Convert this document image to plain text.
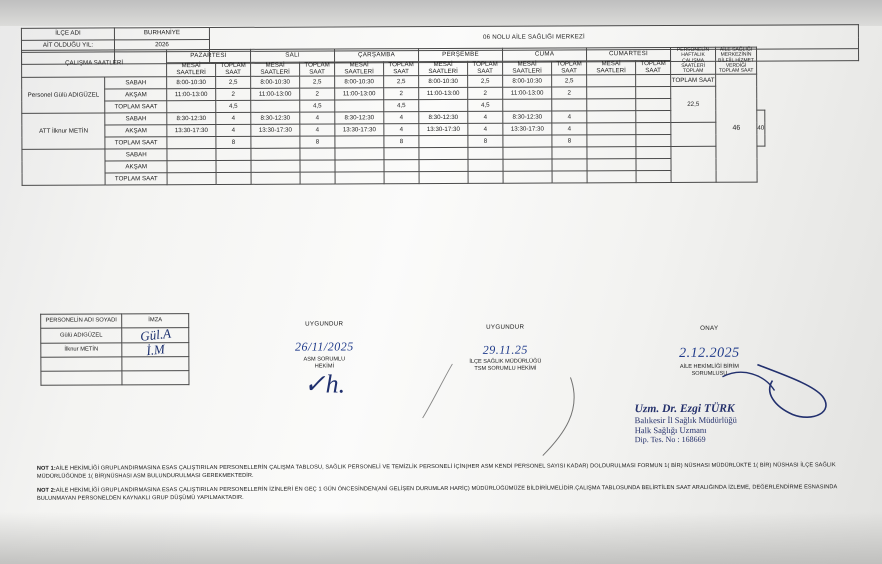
İLÇE ADI	BURHANİYE	06 NOLU AİLE SAĞLIĞI MERKEZİ
AİT OLDUĞU YIL:	2026	

ÇALIŞMA SAATLERİ		PAZARTESİ		SALI		ÇARŞAMBA		PERŞEMBE		CUMA		CUMARTESİ		PERSONELİN HAFTALIK ÇALIŞMA SAATLERİ TOPLAM	AİLE SAĞLIĞI MERKEZİNİN BİLFİİL HİZMET VERDİĞİ TOPLAM SAAT	

		MESAİ SAATLERİ	TOPLAM SAAT	MESAİ SAATLERİ	TOPLAM SAAT	MESAİ SAATLERİ	TOPLAM SAAT	MESAİ SAATLERİ	TOPLAM SAAT	MESAİ SAATLERİ	TOPLAM SAAT	MESAİ SAATLERİ	TOPLAM SAAT			
Personel Gülü ADIGÜZEL	SABAH	8:00-10:30	2,5	8:00-10:30	2,5	8:00-10:30	2,5	8:00-10:30	2,5	8:00-10:30	2,5			TOPLAM SAAT	46	
	AKŞAM	11:00-13:00	2	11:00-13:00	2	11:00-13:00	2	11:00-13:00	2	11:00-13:00	2			22,5		
	TOPLAM SAAT		4,5		4,5		4,5		4,5							
ATT İlknur METİN	SABAH	8:30-12:30	4	8:30-12:30	4	8:30-12:30	4	8:30-12:30	4	8:30-12:30	4					40
	AKŞAM	13:30-17:30	4	13:30-17:30	4	13:30-17:30	4	13:30-17:30	4	13:30-17:30	4					
	TOPLAM SAAT		8		8		8		8		8					
	SABAH															
	AKŞAM															
	TOPLAM SAAT															
PERSONELİN ADI SOYADI	İMZA
Gülü ADIGÜZEL	Gül.A
İlknur METİN	İ.M

UYGUNDUR
26/11/2025
ASM SORUMLU
HEKİMİ
✓h.
UYGUNDUR
29.11.25
İLÇE SAĞLIK MÜDÜRLÜĞÜ
TSM SORUMLU HEKİMİ
ONAY
2.12.2025
AİLE HEKİMLİĞİ BİRİM
SORUMLUSU
Uzm. Dr. Ezgi TÜRK
Balıkesir İl Sağlık Müdürlüğü
Halk Sağlığı Uzmanı
Dip. Tes. No : 168669
NOT 1:AİLE HEKİMLİĞİ GRUPLANDIRMASINA ESAS ÇALIŞTIRILAN PERSONELLERİN ÇALIŞMA TABLOSU, SAĞLIK PERSONELİ VE TEMİZLİK PERSONELİ İÇİN(HER ASM KENDİ PERSONEL SAYISI KADAR) DOLDURULMASI FORMUN 1( BİR) NÜSHASI MÜDÜRLÜKTE 1( BİR) NÜSHASI İLÇE SAĞLIK MÜDÜRLÜĞÜNDE 1( BİR)NÜSHASI ASM BULUNDURULMASI GEREKMEKTEDİR.
NOT 2:AİLE HEKİMLİĞİ GRUPLANDIRMASINA ESAS ÇALIŞTIRILAN PERSONELLERİN İZİNLERİ EN GEÇ 1 GÜN ÖNCESİNDEN(ANİ GELİŞEN DURUMLAR HARİÇ) MÜDÜRLÜĞÜMÜZE BİLDİRİLMELİDİR.ÇALIŞMA TABLOSUNDA BELİRTİLEN SAAT ARALIĞINDA İZLEME, DEĞERLENDİRME ESNASINDA BULUNMAYAN PERSONELDEN KAYNAKLI GRUP DÜŞÜMÜ YAPILMAKTADIR.
